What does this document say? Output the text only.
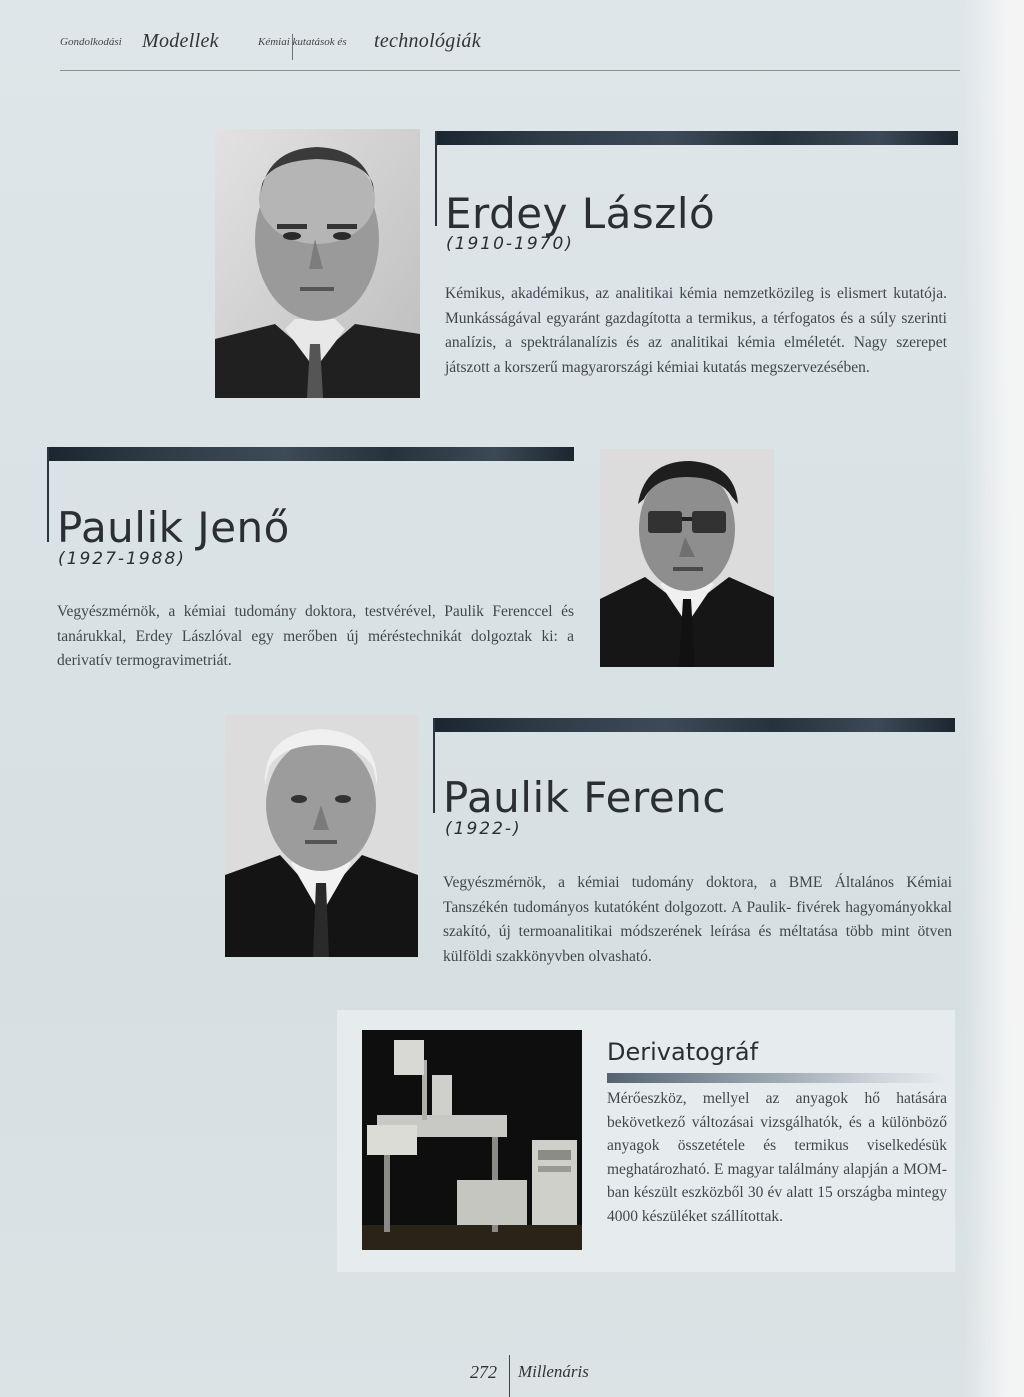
Gondolkodási Modellek	Kémiai kutatások és technológiák
Erdey László
(1910-1970)
Kémikus, akadémikus, az analitikai kémia nemzetközileg is elismert kutatója. Munkásságával egyaránt gazdagította a termikus, a térfogatos és a súly szerinti analízis, a spektrálanalízis és az analitikai kémia elméletét. Nagy szerepet játszott a korszerű magyarországi kémiai kutatás megszervezésében.
Paulik Jenő
(1927-1988)
Vegyészmérnök, a kémiai tudomány doktora, testvérével, Paulik Ferenccel és tanárukkal, Erdey Lászlóval egy merőben új méréstechnikát dolgoztak ki: a derivatív termogravimetriát.
Paulik Ferenc
(1922-)
Vegyészmérnök, a kémiai tudomány doktora, a BME Általános Kémiai Tanszékén tudományos kutatóként dolgozott. A Paulik- fivérek hagyományokkal szakító, új termoanalitikai módszerének leírása és méltatása több mint ötven külföldi szakkönyvben olvasható.
Derivatográf
Mérőeszköz, mellyel az anyagok hő hatására bekövetkező változásai vizsgálhatók, és a különböző anyagok összetétele és termikus viselkedésük meghatározható. E magyar találmány alapján a MOM-ban készült eszközből 30 év alatt 15 országba mintegy 4000 készüléket szállítottak.
272 Millenáris
